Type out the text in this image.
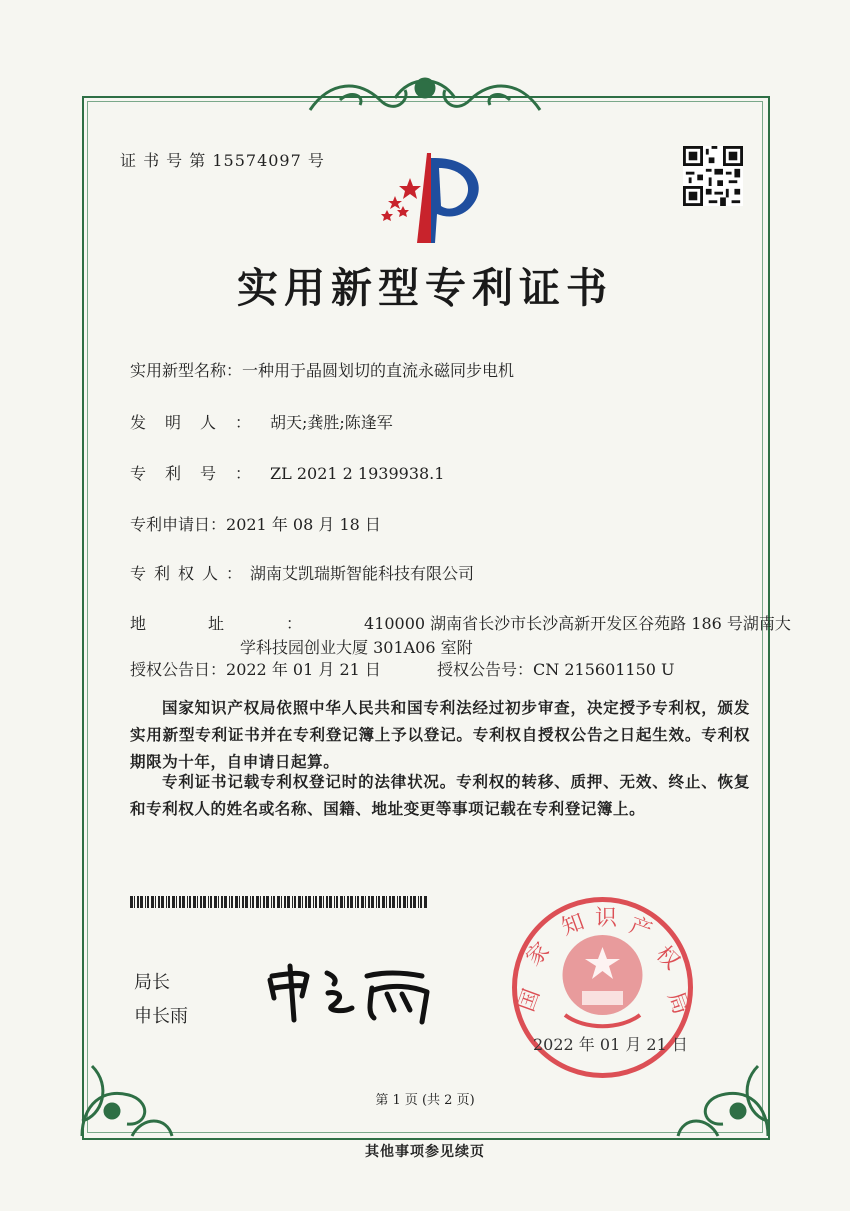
证 书 号 第 15574097 号
实用新型专利证书
实用新型名称：一种用于晶圆划切的直流永磁同步电机
发明人：胡天;龚胜;陈逢军
专利号：ZL 2021 2 1939938.1
专利申请日：2021 年 08 月 18 日
专利权人：湖南艾凯瑞斯智能科技有限公司
地址：410000 湖南省长沙市长沙高新开发区谷苑路 186 号湖南大
学科技园创业大厦 301A06 室附
授权公告日：2022 年 01 月 21 日	授权公告号：CN 215601150 U
国家知识产权局依照中华人民共和国专利法经过初步审查，决定授予专利权，颁发实用新型专利证书并在专利登记簿上予以登记。专利权自授权公告之日起生效。专利权期限为十年，自申请日起算。
专利证书记载专利权登记时的法律状况。专利权的转移、质押、无效、终止、恢复和专利权人的姓名或名称、国籍、地址变更等事项记载在专利登记簿上。
局长
申长雨
国
家
知 识 产
权
局
2022 年 01 月 21 日
第 1 页 (共 2 页)
其他事项参见续页
